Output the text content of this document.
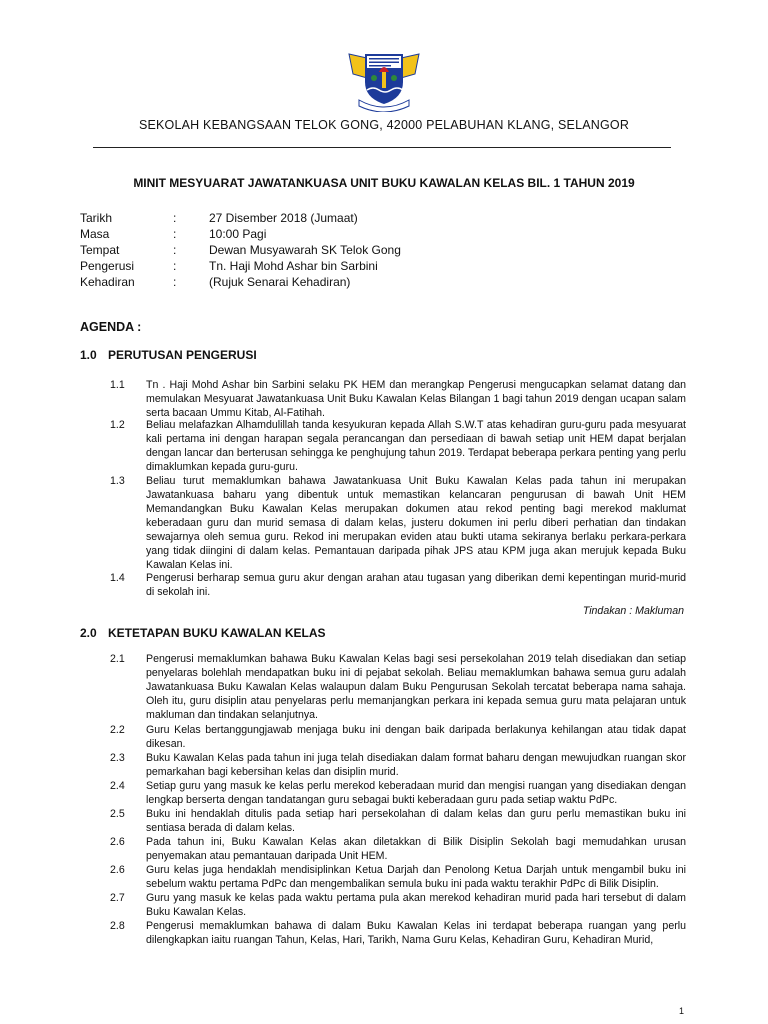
SEKOLAH KEBANGSAAN TELOK GONG, 42000 PELABUHAN KLANG, SELANGOR
MINIT MESYUARAT JAWATANKUASA UNIT BUKU KAWALAN KELAS BIL. 1 TAHUN 2019
Tarikh	:	27 Disember 2018 (Jumaat)
Masa	:	10:00 Pagi
Tempat	:	Dewan Musyawarah SK Telok Gong
Pengerusi	:	Tn. Haji Mohd Ashar bin Sarbini
Kehadiran	:	(Rujuk Senarai Kehadiran)
AGENDA :
1.0 PERUTUSAN PENGERUSI
1.1	Tn . Haji Mohd Ashar bin Sarbini selaku PK HEM dan merangkap Pengerusi mengucapkan selamat datang dan memulakan Mesyuarat Jawatankuasa Unit Buku Kawalan Kelas Bilangan 1 bagi tahun 2019 dengan ucapan salam serta bacaan Ummu Kitab, Al-Fatihah.
1.2	Beliau melafazkan Alhamdulillah tanda kesyukuran kepada Allah S.W.T atas kehadiran guru-guru pada mesyuarat kali pertama ini dengan harapan segala perancangan dan persediaan di bawah setiap unit HEM dapat berjalan dengan lancar dan berterusan sehingga ke penghujung tahun 2019. Terdapat beberapa perkara penting yang perlu dimaklumkan kepada guru-guru.
1.3	Beliau turut memaklumkan bahawa Jawatankuasa Unit Buku Kawalan Kelas pada tahun ini merupakan Jawatankuasa baharu yang dibentuk untuk memastikan kelancaran pengurusan di bawah Unit HEM Memandangkan Buku Kawalan Kelas merupakan dokumen atau rekod penting bagi merekod maklumat keberadaan guru dan murid semasa di dalam kelas, justeru dokumen ini perlu diberi perhatian dan tindakan sewajarnya oleh semua guru. Rekod ini merupakan eviden atau bukti utama sekiranya berlaku perkara-perkara yang tidak diingini di dalam kelas. Pemantauan daripada pihak JPS atau KPM juga akan merujuk kepada Buku Kawalan Kelas ini.
1.4	Pengerusi berharap semua guru akur dengan arahan atau tugasan yang diberikan demi kepentingan murid-murid di sekolah ini.
Tindakan : Makluman
2.0 KETETAPAN BUKU KAWALAN KELAS
2.1	Pengerusi memaklumkan bahawa Buku Kawalan Kelas bagi sesi persekolahan 2019 telah disediakan dan setiap penyelaras bolehlah mendapatkan buku ini di pejabat sekolah. Beliau memaklumkan bahawa semua guru adalah Jawatankuasa Buku Kawalan Kelas walaupun dalam Buku Pengurusan Sekolah tercatat beberapa nama sahaja. Oleh itu, guru disiplin atau penyelaras perlu memanjangkan perkara ini kepada semua guru mata pelajaran untuk makluman dan tindakan selanjutnya.
2.2	Guru Kelas bertanggungjawab menjaga buku ini dengan baik daripada berlakunya kehilangan atau tidak dapat dikesan.
2.3	Buku Kawalan Kelas pada tahun ini juga telah disediakan dalam format baharu dengan mewujudkan ruangan skor pemarkahan bagi kebersihan kelas dan disiplin murid.
2.4	Setiap guru yang masuk ke kelas perlu merekod keberadaan murid dan mengisi ruangan yang disediakan dengan lengkap berserta dengan tandatangan guru sebagai bukti keberadaan guru pada setiap waktu PdPc.
2.5	Buku ini hendaklah ditulis pada setiap hari persekolahan di dalam kelas dan guru perlu memastikan buku ini sentiasa berada di dalam kelas.
2.6	Pada tahun ini, Buku Kawalan Kelas akan diletakkan di Bilik Disiplin Sekolah bagi memudahkan urusan penyemakan atau pemantauan daripada Unit HEM.
2.6	Guru kelas juga hendaklah mendisiplinkan Ketua Darjah dan Penolong Ketua Darjah untuk mengambil buku ini sebelum waktu pertama PdPc dan mengembalikan semula buku ini pada waktu terakhir PdPc di Bilik Disiplin.
2.7	Guru yang masuk ke kelas pada waktu pertama pula akan merekod kehadiran murid pada hari tersebut di dalam Buku Kawalan Kelas.
2.8	Pengerusi memaklumkan bahawa di dalam Buku Kawalan Kelas ini terdapat beberapa ruangan yang perlu dilengkapkan iaitu ruangan Tahun, Kelas, Hari, Tarikh, Nama Guru Kelas, Kehadiran Guru, Kehadiran Murid,
1
